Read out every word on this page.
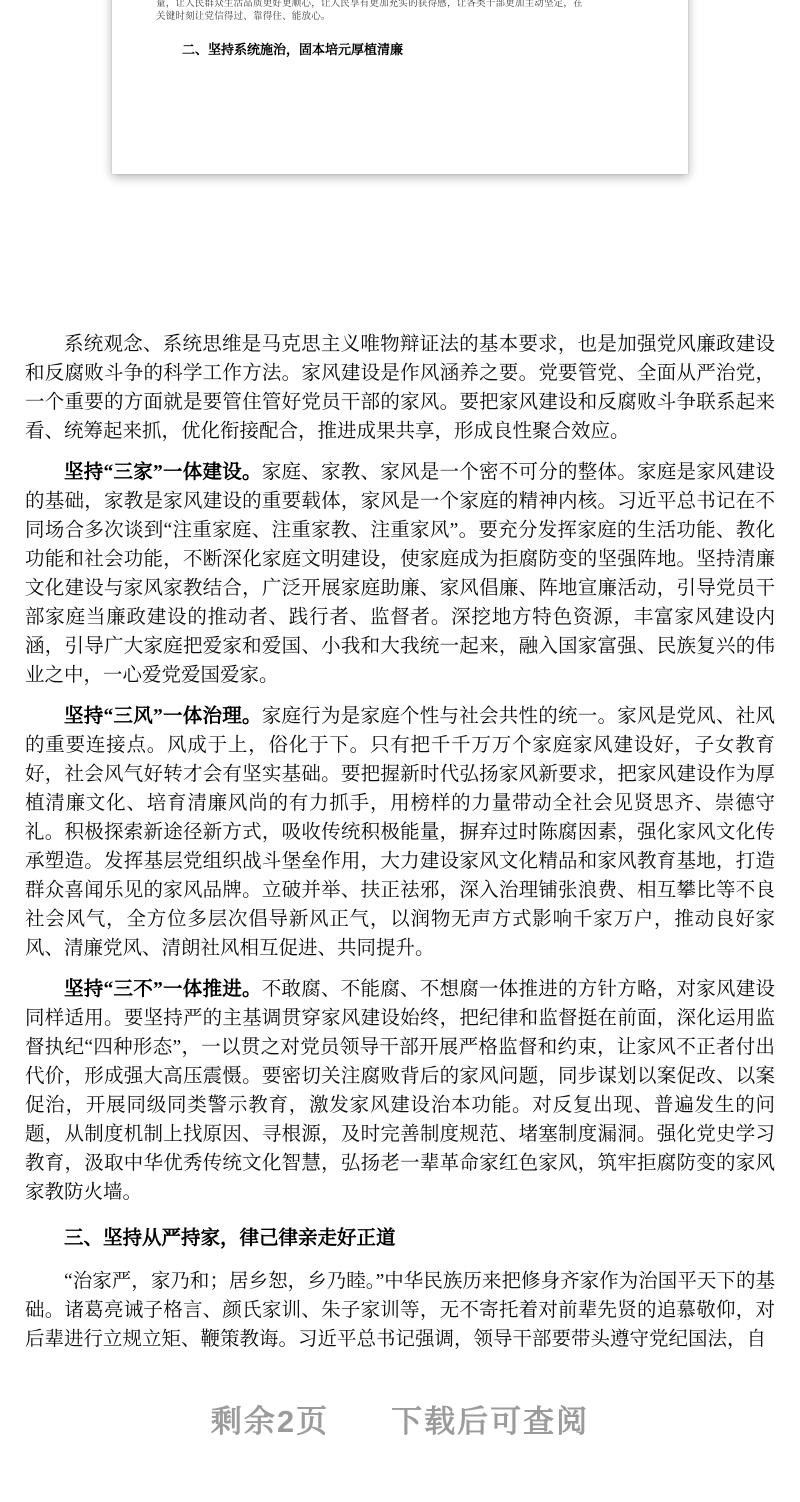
量，让人民群众生活品质更好更顺心，让人民享有更加充实的获得感，让各类干部更加主动坚定，在

关键时刻让党信得过、靠得住、能放心。

二、坚持系统施治，固本培元厚植清廉

系统观念、系统思维是马克思主义唯物辩证法的基本要求，也是加强党风廉政建设和反腐败斗争的科学工作方法。家风建设是作风涵养之要。党要管党、全面从严治党，一个重要的方面就是要管住管好党员干部的家风。要把家风建设和反腐败斗争联系起来看、统筹起来抓，优化衔接配合，推进成果共享，形成良性聚合效应。

坚持“三家”一体建设。家庭、家教、家风是一个密不可分的整体。家庭是家风建设的基础，家教是家风建设的重要载体，家风是一个家庭的精神内核。习近平总书记在不同场合多次谈到“注重家庭、注重家教、注重家风”。要充分发挥家庭的生活功能、教化功能和社会功能，不断深化家庭文明建设，使家庭成为拒腐防变的坚强阵地。坚持清廉文化建设与家风家教结合，广泛开展家庭助廉、家风倡廉、阵地宣廉活动，引导党员干部家庭当廉政建设的推动者、践行者、监督者。深挖地方特色资源，丰富家风建设内涵，引导广大家庭把爱家和爱国、小我和大我统一起来，融入国家富强、民族复兴的伟业之中，一心爱党爱国爱家。

坚持“三风”一体治理。家庭行为是家庭个性与社会共性的统一。家风是党风、社风的重要连接点。风成于上，俗化于下。只有把千千万万个家庭家风建设好，子女教育好，社会风气好转才会有坚实基础。要把握新时代弘扬家风新要求，把家风建设作为厚植清廉文化、培育清廉风尚的有力抓手，用榜样的力量带动全社会见贤思齐、崇德守礼。积极探索新途径新方式，吸收传统积极能量，摒弃过时陈腐因素，强化家风文化传承塑造。发挥基层党组织战斗堡垒作用，大力建设家风文化精品和家风教育基地，打造群众喜闻乐见的家风品牌。立破并举、扶正祛邪，深入治理铺张浪费、相互攀比等不良社会风气，全方位多层次倡导新风正气，以润物无声方式影响千家万户，推动良好家风、清廉党风、清朗社风相互促进、共同提升。

坚持“三不”一体推进。不敢腐、不能腐、不想腐一体推进的方针方略，对家风建设同样适用。要坚持严的主基调贯穿家风建设始终，把纪律和监督挺在前面，深化运用监督执纪“四种形态”，一以贯之对党员领导干部开展严格监督和约束，让家风不正者付出代价，形成强大高压震慑。要密切关注腐败背后的家风问题，同步谋划以案促改、以案促治，开展同级同类警示教育，激发家风建设治本功能。对反复出现、普遍发生的问题，从制度机制上找原因、寻根源，及时完善制度规范、堵塞制度漏洞。强化党史学习教育，汲取中华优秀传统文化智慧，弘扬老一辈革命家红色家风，筑牢拒腐防变的家风家教防火墙。

三、坚持从严持家，律己律亲走好正道

“治家严，家乃和；居乡恕，乡乃睦。”中华民族历来把修身齐家作为治国平天下的基础。诸葛亮诫子格言、颜氏家训、朱子家训等，无不寄托着对前辈先贤的追慕敬仰，对后辈进行立规立矩、鞭策教诲。习近平总书记强调，领导干部要带头遵守党纪国法，自

剩余2页 下载后可查阅
